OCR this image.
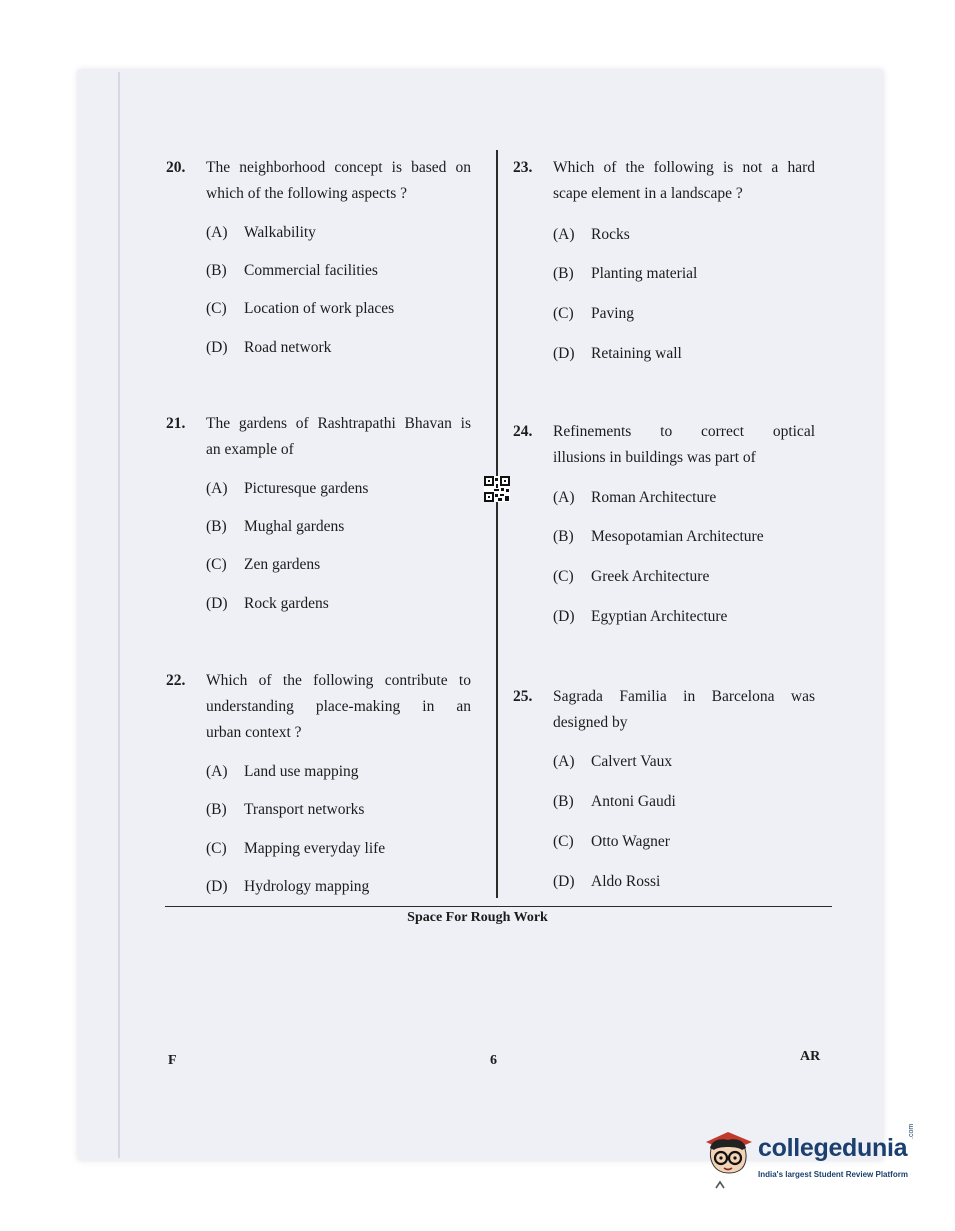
20. The neighborhood concept is based on
which of the following aspects ?
(A) Walkability
(B) Commercial facilities
(C) Location of work places
(D) Road network
21. The gardens of Rashtrapathi Bhavan is
an example of
(A) Picturesque gardens
(B) Mughal gardens
(C) Zen gardens
(D) Rock gardens
22. Which of the following contribute to
understanding place-making in an
urban context ?
(A) Land use mapping
(B) Transport networks
(C) Mapping everyday life
(D) Hydrology mapping
23. Which of the following is not a hard
scape element in a landscape ?
(A) Rocks
(B) Planting material
(C) Paving
(D) Retaining wall
24. Refinements to correct optical
illusions in buildings was part of
(A) Roman Architecture
(B) Mesopotamian Architecture
(C) Greek Architecture
(D) Egyptian Architecture
25. Sagrada Familia in Barcelona was
designed by
(A) Calvert Vaux
(B) Antoni Gaudi
(C) Otto Wagner
(D) Aldo Rossi
Space For Rough Work
F	6	AR
collegedunia
.com
India's largest Student Review Platform
